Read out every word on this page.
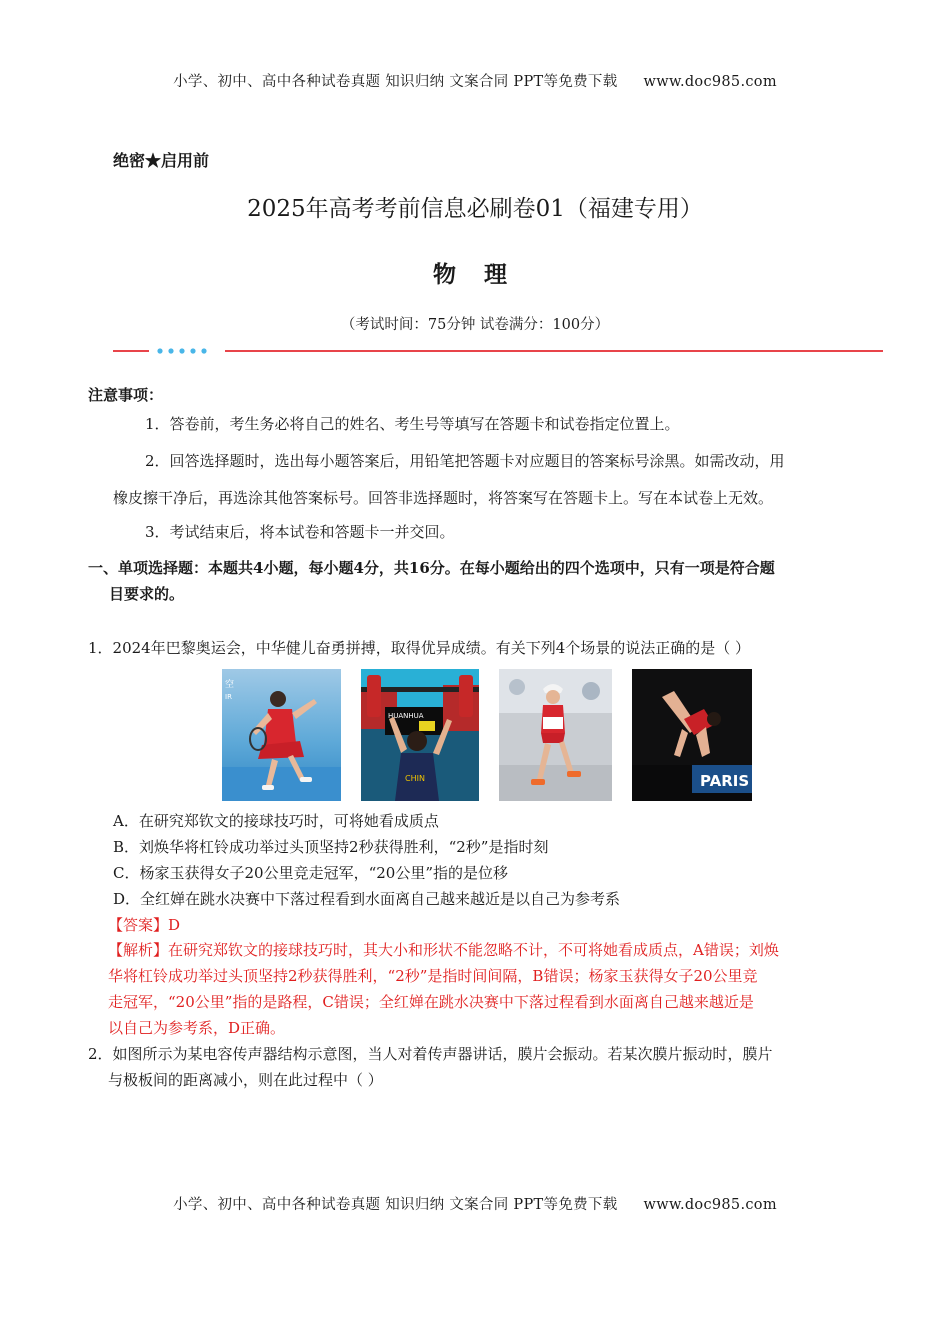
小学、初中、高中各种试卷真题 知识归纳 文案合同 PPT等免费下载 www.doc985.com
绝密★启用前
2025年高考考前信息必刷卷01（福建专用）
物 理
（考试时间：75分钟 试卷满分：100分）
注意事项：
1．答卷前，考生务必将自己的姓名、考生号等填写在答题卡和试卷指定位置上。
2．回答选择题时，选出每小题答案后，用铅笔把答题卡对应题目的答案标号涂黑。如需改动，用
橡皮擦干净后，再选涂其他答案标号。回答非选择题时，将答案写在答题卡上。写在本试卷上无效。
3．考试结束后，将本试卷和答题卡一并交回。
一、单项选择题：本题共4小题，每小题4分，共16分。在每小题给出的四个选项中，只有一项是符合题
目要求的。
1．2024年巴黎奥运会，中华健儿奋勇拼搏，取得优异成绩。有关下列4个场景的说法正确的是（ ）
空
IR
HUANHUA
CHIN	PARIS
A．在研究郑钦文的接球技巧时，可将她看成质点
B．刘焕华将杠铃成功举过头顶坚持2秒获得胜利，“2秒”是指时刻
C．杨家玉获得女子20公里竞走冠军，“20公里”指的是位移
D．全红婵在跳水决赛中下落过程看到水面离自己越来越近是以自己为参考系
【答案】D
【解析】在研究郑钦文的接球技巧时，其大小和形状不能忽略不计，不可将她看成质点，A错误；刘焕
华将杠铃成功举过头顶坚持2秒获得胜利，“2秒”是指时间间隔，B错误；杨家玉获得女子20公里竞
走冠军，“20公里”指的是路程，C错误；全红婵在跳水决赛中下落过程看到水面离自己越来越近是
以自己为参考系，D正确。
2．如图所示为某电容传声器结构示意图，当人对着传声器讲话，膜片会振动。若某次膜片振动时，膜片
与极板间的距离减小，则在此过程中（ ）
小学、初中、高中各种试卷真题 知识归纳 文案合同 PPT等免费下载 www.doc985.com
